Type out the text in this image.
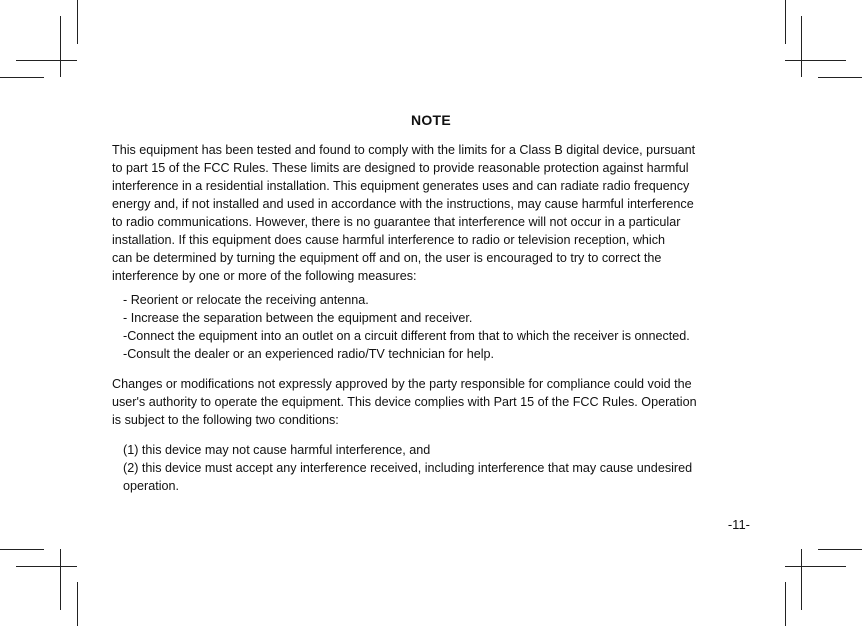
NOTE
This equipment has been tested and found to comply with the limits for a Class B digital device, pursuant
to part 15 of the FCC Rules. These limits are designed to provide reasonable protection against harmful
interference in a residential installation. This equipment generates uses and can radiate radio frequency
energy and, if not installed and used in accordance with the instructions, may cause harmful interference
to radio communications. However, there is no guarantee that interference will not occur in a particular
installation. If this equipment does cause harmful interference to radio or television reception, which
can be determined by turning the equipment off and on, the user is encouraged to try to correct the
interference by one or more of the following measures:
- Reorient or relocate the receiving antenna.
- Increase the separation between the equipment and receiver.
-Connect the equipment into an outlet on a circuit different from that to which the receiver is onnected.
-Consult the dealer or an experienced radio/TV technician for help.
Changes or modifications not expressly approved by the party responsible for compliance could void the
user's authority to operate the equipment. This device complies with Part 15 of the FCC Rules. Operation
is subject to the following two conditions:
(1) this device may not cause harmful interference, and
(2) this device must accept any interference received, including interference that may cause undesired
operation.
-11-
